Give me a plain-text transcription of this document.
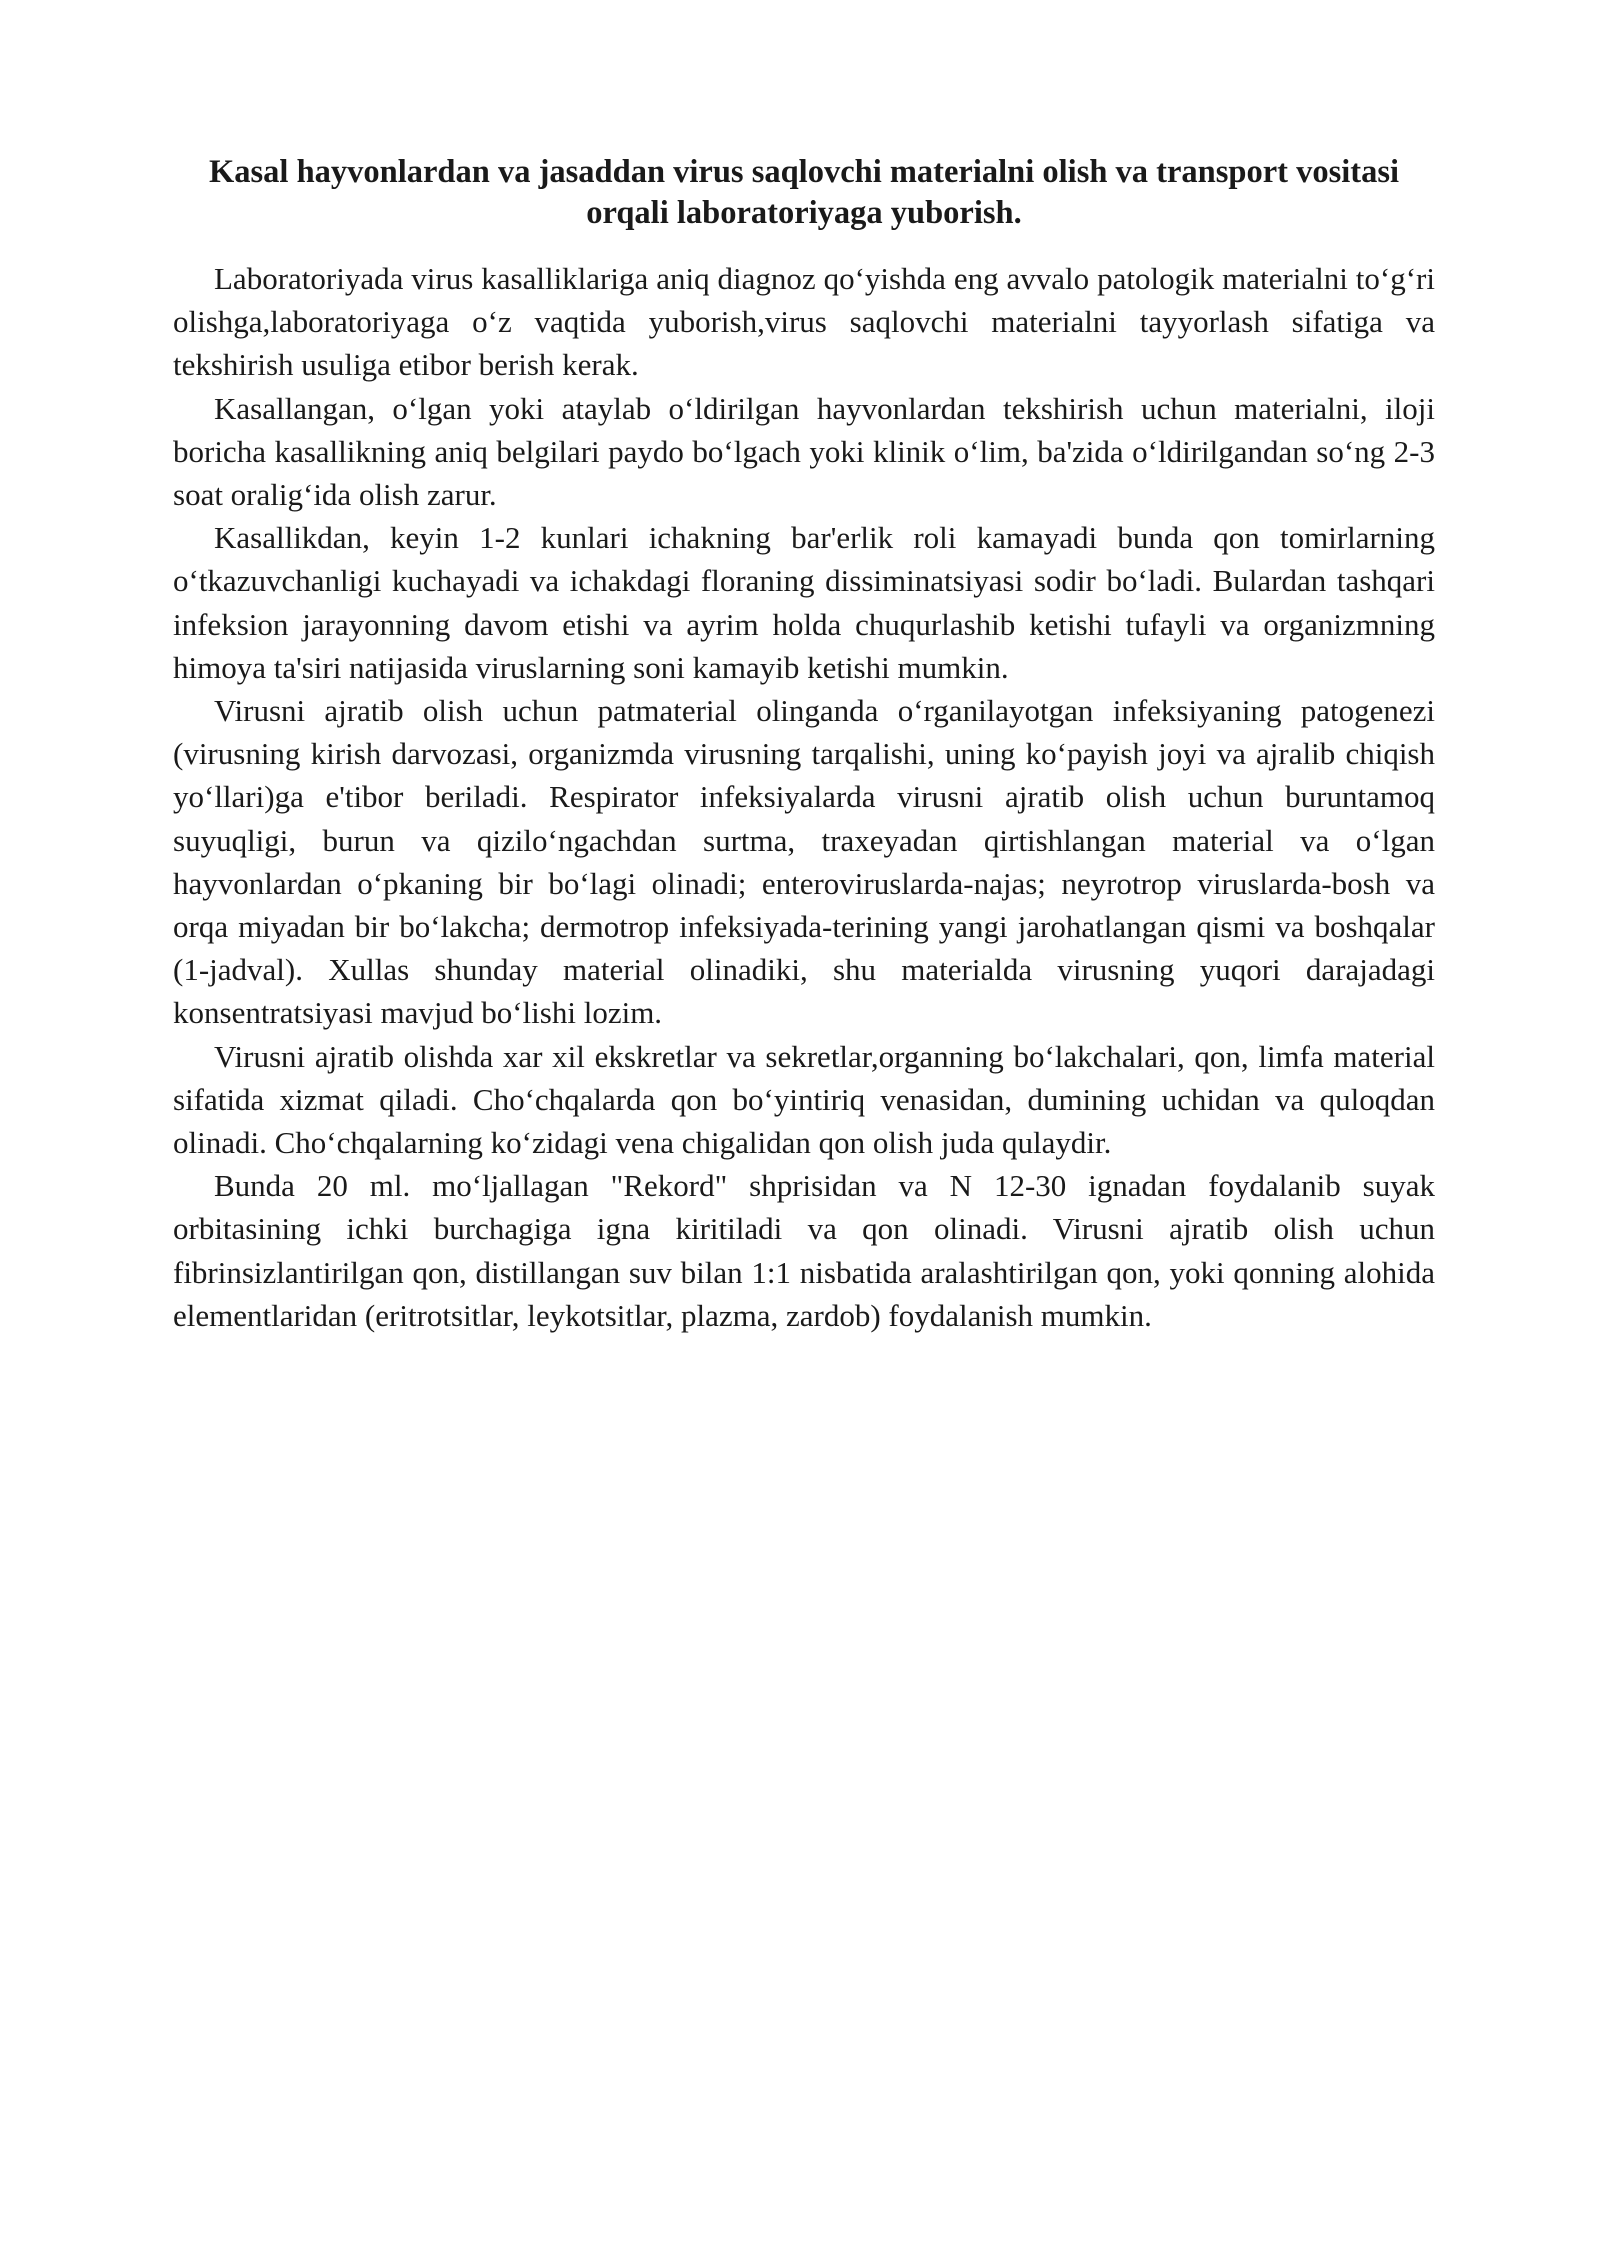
Kasal hayvonlardan va jasaddan virus saqlovchi materialni olish va transport vositasi orqali laboratoriyaga yuborish.

Laboratoriyada virus kasalliklariga aniq diagnoz qo‘yishda eng avvalo patologik materialni to‘g‘ri olishga,laboratoriyaga o‘z vaqtida yuborish,virus saqlovchi materialni tayyorlash sifatiga va tekshirish usuliga etibor berish kerak.

Kasallangan, o‘lgan yoki ataylab o‘ldirilgan hayvonlardan tekshirish uchun materialni, iloji boricha kasallikning aniq belgilari paydo bo‘lgach yoki klinik o‘lim, ba'zida o‘ldirilgandan so‘ng 2-3 soat oralig‘ida olish zarur.

Kasallikdan, keyin 1-2 kunlari ichakning bar'erlik roli kamayadi bunda qon tomirlarning o‘tkazuvchanligi kuchayadi va ichakdagi floraning dissiminatsiyasi sodir bo‘ladi. Bulardan tashqari infeksion jarayonning davom etishi va ayrim holda chuqurlashib ketishi tufayli va organizmning himoya ta'siri natijasida viruslarning soni kamayib ketishi mumkin.

Virusni ajratib olish uchun patmaterial olinganda o‘rganilayotgan infeksiyaning patogenezi (virusning kirish darvozasi, organizmda virusning tarqalishi, uning ko‘payish joyi va ajralib chiqish yo‘llari)ga e'tibor beriladi. Respirator infeksiyalarda virusni ajratib olish uchun buruntamoq suyuqligi, burun va qizilo‘ngachdan surtma, traxeyadan qirtishlangan material va o‘lgan hayvonlardan o‘pkaning bir bo‘lagi olinadi; enteroviruslarda-najas; neyrotrop viruslarda-bosh va orqa miyadan bir bo‘lakcha; dermotrop infeksiyada-terining yangi jarohatlangan qismi va boshqalar (1-jadval). Xullas shunday material olinadiki, shu materialda virusning yuqori darajadagi konsentratsiyasi mavjud bo‘lishi lozim.

Virusni ajratib olishda xar xil ekskretlar va sekretlar,organning bo‘lakchalari, qon, limfa material sifatida xizmat qiladi. Cho‘chqalarda qon bo‘yintiriq venasidan, dumining uchidan va quloqdan olinadi. Cho‘chqalarning ko‘zidagi vena chigalidan qon olish juda qulaydir.

Bunda 20 ml. mo‘ljallagan "Rekord" shprisidan va N 12-30 ignadan foydalanib suyak orbitasining ichki burchagiga igna kiritiladi va qon olinadi. Virusni ajratib olish uchun fibrinsizlantirilgan qon, distillangan suv bilan 1:1 nisbatida aralashtirilgan qon, yoki qonning alohida elementlaridan (eritrotsitlar, leykotsitlar, plazma, zardob) foydalanish mumkin.
